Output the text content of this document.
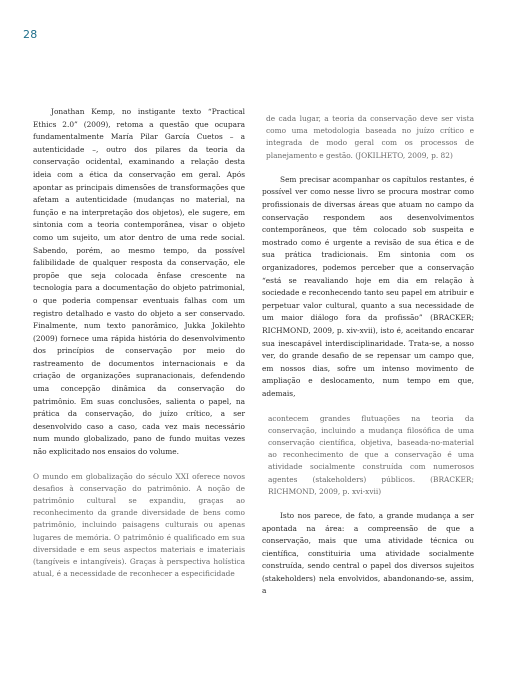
28

Jonathan Kemp, no instigante texto “Practical Ethics 2.0” (2009), retoma a questão que ocupara fundamentalmente María Pilar García Cuetos – a autenticidade –, outro dos pilares da teoria da conservação ocidental, examinando a relação desta ideia com a ética da conservação em geral. Após apontar as principais dimensões de transformações que afetam a autenticidade (mudanças no material, na função e na interpretação dos objetos), ele sugere, em sintonia com a teoria contemporânea, visar o objeto como um sujeito, um ator dentro de uma rede social. Sabendo, porém, ao mesmo tempo, da possível falibilidade de qualquer resposta da conservação, ele propõe que seja colocada ênfase crescente na tecnologia para a documentação do objeto patrimonial, o que poderia compensar eventuais falhas com um registro detalhado e vasto do objeto a ser conservado. Finalmente, num texto panorâmico, Jukka Jokilehto (2009) fornece uma rápida história do desenvolvimento dos princípios de conservação por meio do rastreamento de documentos internacionais e da criação de organizações supranacionais, defendendo uma concepção dinâmica da conservação do patrimônio. Em suas conclusões, salienta o papel, na prática da conservação, do juízo crítico, a ser desenvolvido caso a caso, cada vez mais necessário num mundo globalizado, pano de fundo muitas vezes não explicitado nos ensaios do volume.

O mundo em globalização do século XXI oferece novos desafios à conservação do patrimônio. A noção de patrimônio cultural se expandiu, graças ao reconhecimento da grande diversidade de bens como patrimônio, incluindo paisagens culturais ou apenas lugares de memória. O patrimônio é qualificado em sua diversidade e em seus aspectos materiais e imateriais (tangíveis e intangíveis). Graças à perspectiva holística atual, é a necessidade de reconhecer a especificidade

de cada lugar, a teoria da conservação deve ser vista como uma metodologia baseada no juízo crítico e integrada de modo geral com os processos de planejamento e gestão. (JOKILHETO, 2009, p. 82)

Sem precisar acompanhar os capítulos restantes, é possível ver como nesse livro se procura mostrar como profissionais de diversas áreas que atuam no campo da conservação respondem aos desenvolvimentos contemporâneos, que têm colocado sob suspeita e mostrado como é urgente a revisão de sua ética e de sua prática tradicionais. Em sintonia com os organizadores, podemos perceber que a conservação “está se reavaliando hoje em dia em relação à sociedade e reconhecendo tanto seu papel em atribuir e perpetuar valor cultural, quanto a sua necessidade de um maior diálogo fora da profissão” (BRACKER; RICHMOND, 2009, p. xiv-xvii), isto é, aceitando encarar sua inescapável interdisciplinaridade. Trata-se, a nosso ver, do grande desafio de se repensar um campo que, em nossos dias, sofre um intenso movimento de ampliação e deslocamento, num tempo em que, ademais,

acontecem grandes flutuações na teoria da conservação, incluindo a mudança filosófica de uma conservação científica, objetiva, baseada-no-material ao reconhecimento de que a conservação é uma atividade socialmente construída com numerosos agentes (stakeholders) públicos. (BRACKER; RICHMOND, 2009, p. xvi-xvii)

Isto nos parece, de fato, a grande mudança a ser apontada na área: a compreensão de que a conservação, mais que uma atividade técnica ou científica, constituiria uma atividade socialmente construída, sendo central o papel dos diversos sujeitos (stakeholders) nela envolvidos, abandonando-se, assim, a
